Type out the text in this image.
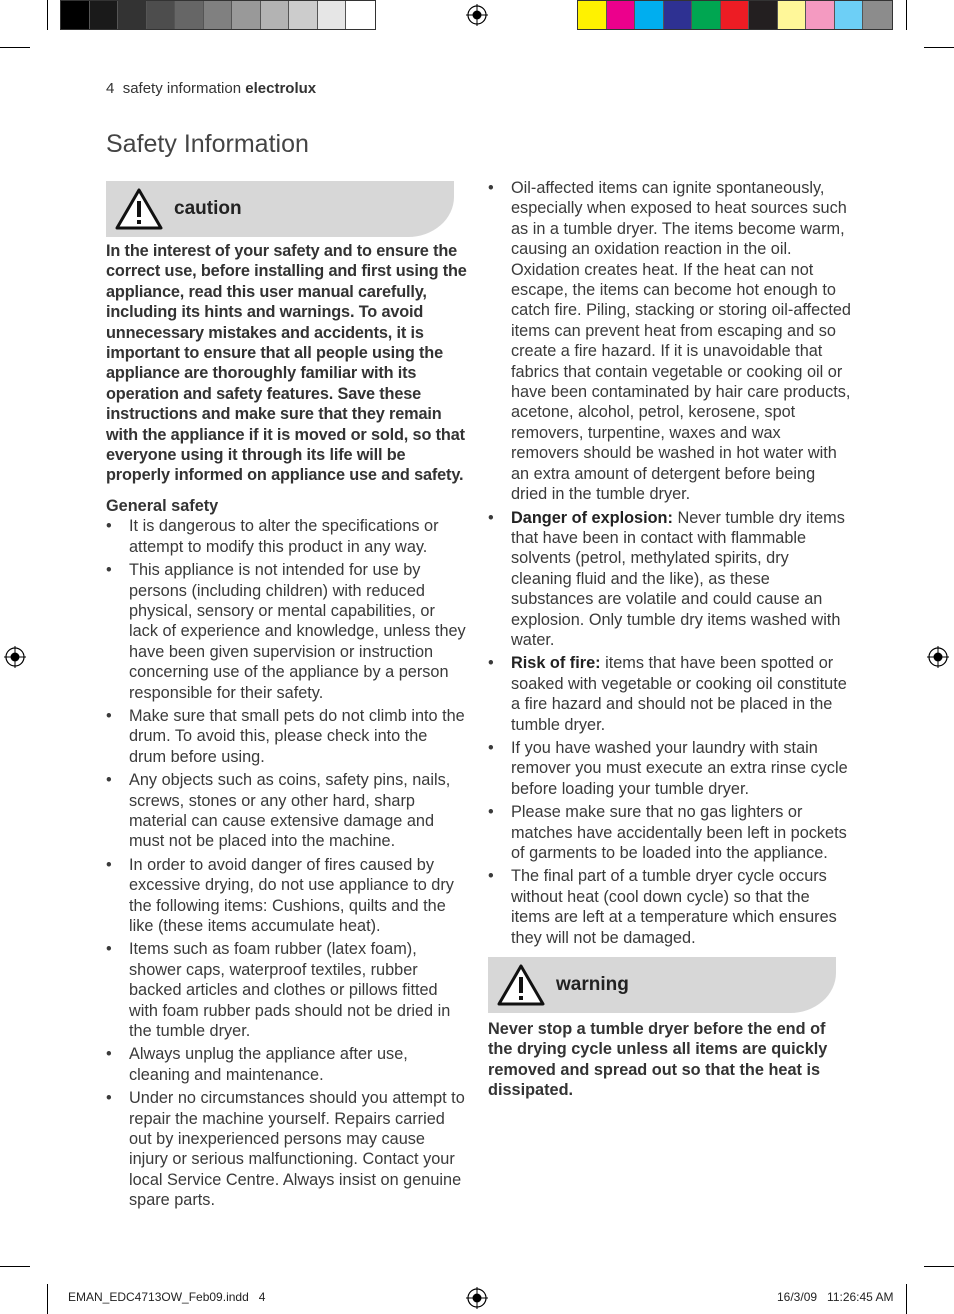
4 safety information electrolux
Safety Information
caution

In the interest of your safety and to ensure the correct use, before installing and first using the appliance, read this user manual carefully, including its hints and warnings. To avoid unnecessary mistakes and accidents, it is important to ensure that all people using the appliance are thoroughly familiar with its operation and safety features. Save these instructions and make sure that they remain with the appliance if it is moved or sold, so that everyone using it through its life will be properly informed on appliance use and safety.

General safety

• It is dangerous to alter the specifications or attempt to modify this product in any way.
• This appliance is not intended for use by persons (including children) with reduced physical, sensory or mental capabilities, or lack of experience and knowledge, unless they have been given supervision or instruction concerning use of the appliance by a person responsible for their safety.
• Make sure that small pets do not climb into the drum. To avoid this, please check into the drum before using.
• Any objects such as coins, safety pins, nails, screws, stones or any other hard, sharp material can cause extensive damage and must not be placed into the machine.
• In order to avoid danger of fires caused by excessive drying, do not use appliance to dry the following items: Cushions, quilts and the like (these items accumulate heat).
• Items such as foam rubber (latex foam), shower caps, waterproof textiles, rubber backed articles and clothes or pillows fitted with foam rubber pads should not be dried in the tumble dryer.
• Always unplug the appliance after use, cleaning and maintenance.
• Under no circumstances should you attempt to repair the machine yourself. Repairs carried out by inexperienced persons may cause injury or serious malfunctioning. Contact your local Service Centre. Always insist on genuine spare parts.
• Oil-affected items can ignite spontaneously, especially when exposed to heat sources such as in a tumble dryer. The items become warm, causing an oxidation reaction in the oil. Oxidation creates heat. If the heat can not escape, the items can become hot enough to catch fire. Piling, stacking or storing oil-affected items can prevent heat from escaping and so create a fire hazard. If it is unavoidable that fabrics that contain vegetable or cooking oil or have been contaminated by hair care products, acetone, alcohol, petrol, kerosene, spot removers, turpentine, waxes and wax removers should be washed in hot water with an extra amount of detergent before being dried in the tumble dryer.
• Danger of explosion: Never tumble dry items that have been in contact with flammable solvents (petrol, methylated spirits, dry cleaning fluid and the like), as these substances are volatile and could cause an explosion. Only tumble dry items washed with water.
• Risk of fire: items that have been spotted or soaked with vegetable or cooking oil constitute a fire hazard and should not be placed in the tumble dryer.
• If you have washed your laundry with stain remover you must execute an extra rinse cycle before loading your tumble dryer.
• Please make sure that no gas lighters or matches have accidentally been left in pockets of garments to be loaded into the appliance.
• The final part of a tumble dryer cycle occurs without heat (cool down cycle) so that the items are left at a temperature which ensures they will not be damaged.
warning

Never stop a tumble dryer before the end of the drying cycle unless all items are quickly removed and spread out so that the heat is dissipated.

EMAN_EDC4713OW_Feb09.indd   4	16/3/09   11:26:45 AM
